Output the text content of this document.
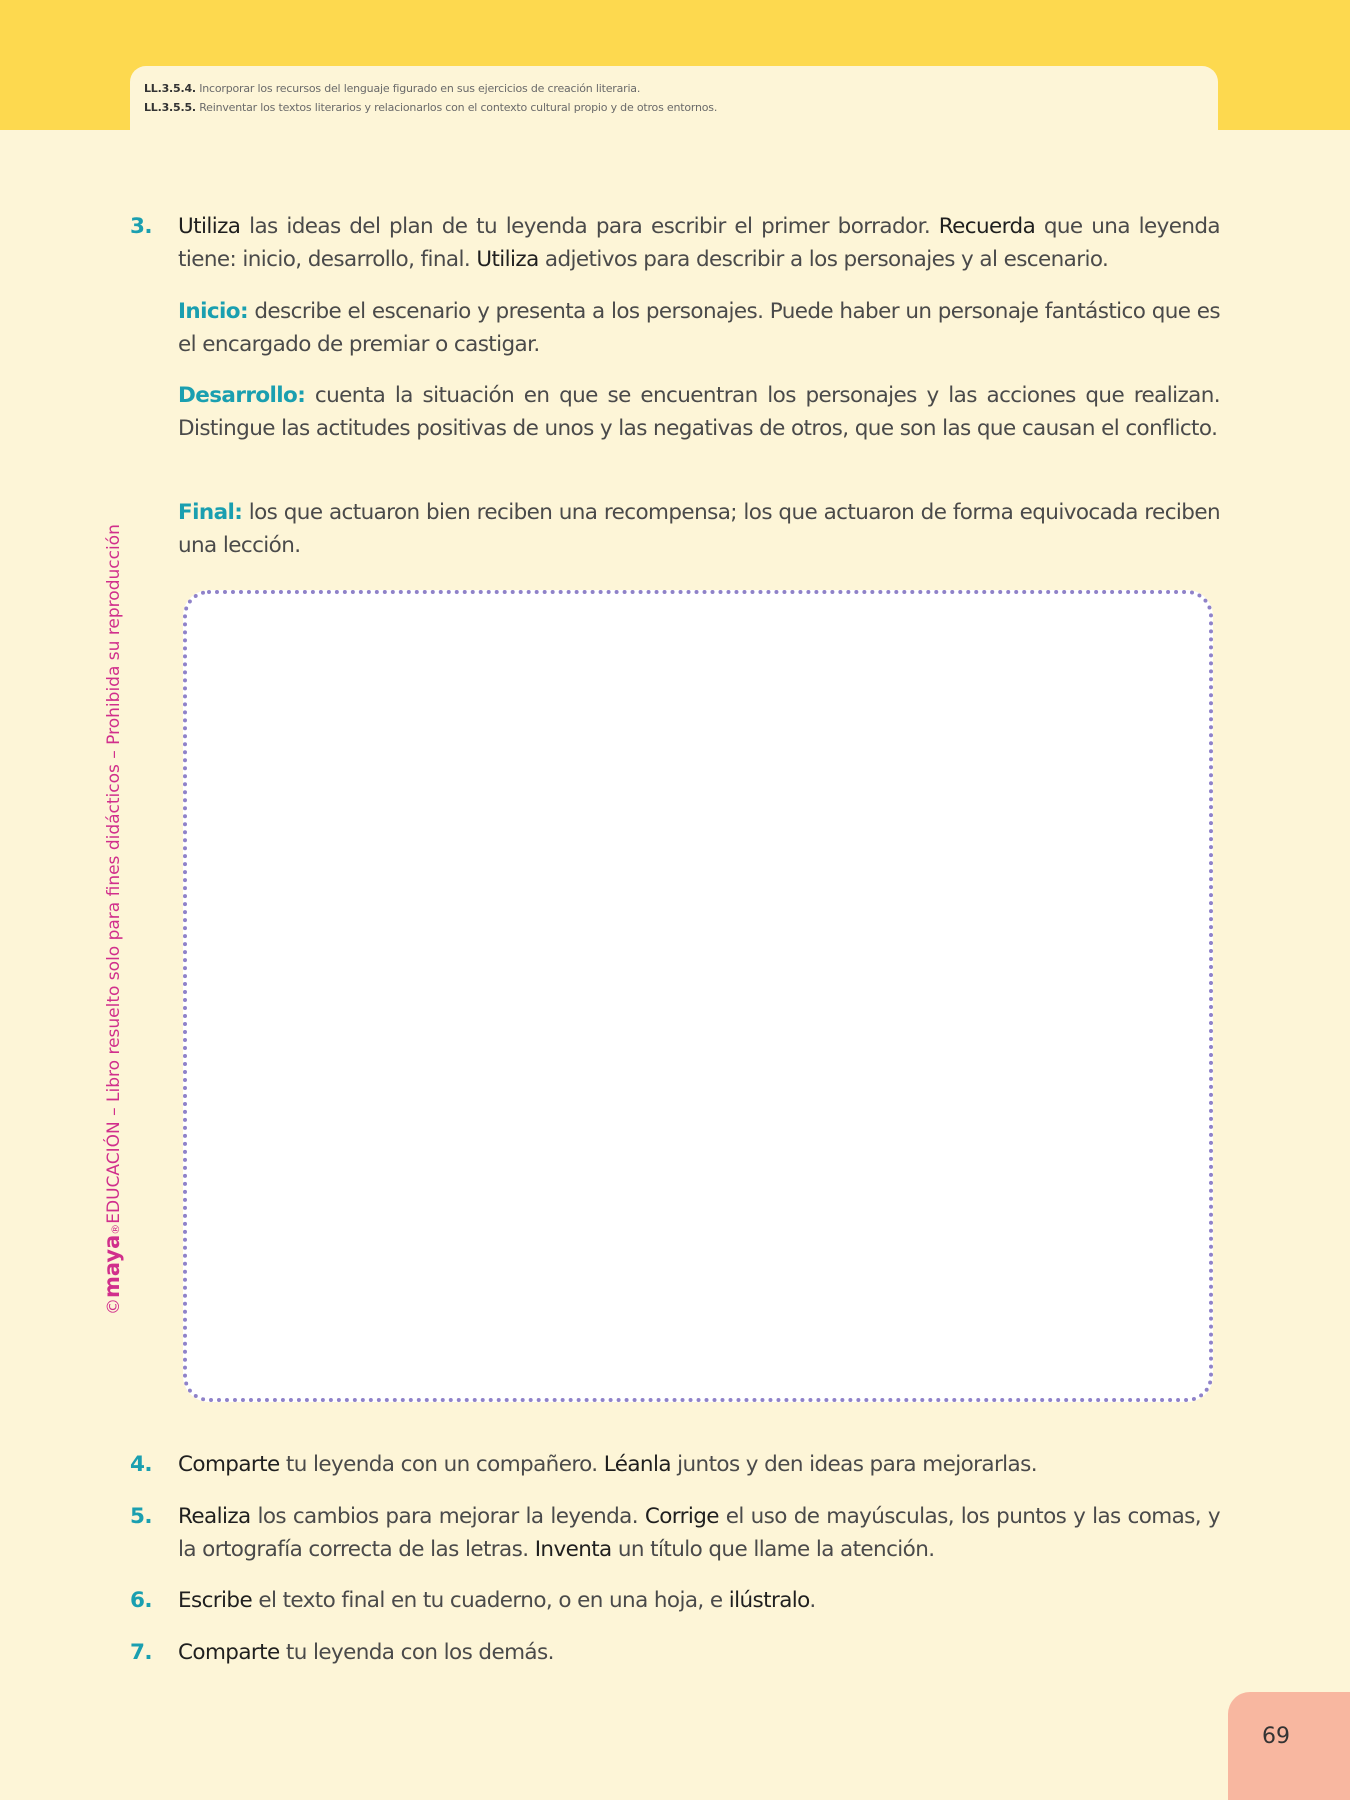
LL.3.5.4. Incorporar los recursos del lenguaje figurado en sus ejercicios de creación literaria.
LL.3.5.5. Reinventar los textos literarios y relacionarlos con el contexto cultural propio y de otros entornos.
©maya®EDUCACIÓN – Libro resuelto solo para fines didácticos – Prohibida su reproducción
3. Utiliza las ideas del plan de tu leyenda para escribir el primer borrador. Recuerda que una leyenda tiene: inicio, desarrollo, final. Utiliza adjetivos para describir a los personajes y al escenario.
Inicio: describe el escenario y presenta a los personajes. Puede haber un personaje fantástico que es el encargado de premiar o castigar.
Desarrollo: cuenta la situación en que se encuentran los personajes y las acciones que realizan. Distingue las actitudes positivas de unos y las negativas de otros, que son las que causan el conflicto.
Final: los que actuaron bien reciben una recompensa; los que actuaron de forma equivocada reciben una lección.
4. Comparte tu leyenda con un compañero. Léanla juntos y den ideas para mejorarlas.
5. Realiza los cambios para mejorar la leyenda. Corrige el uso de mayúsculas, los puntos y las comas, y la ortografía correcta de las letras. Inventa un título que llame la atención.
6. Escribe el texto final en tu cuaderno, o en una hoja, e ilústralo.
7. Comparte tu leyenda con los demás.
69
